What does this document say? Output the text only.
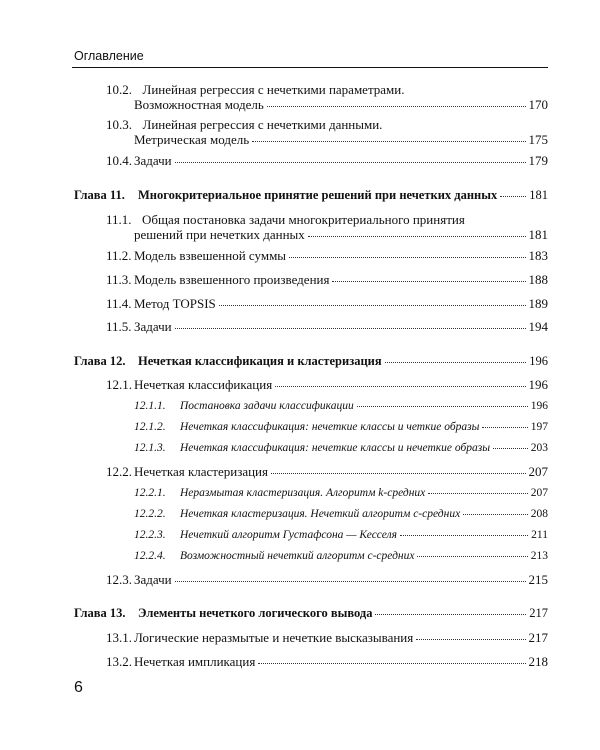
Оглавление
10.2. Линейная регрессия с нечеткими параметрами.
Возможностная модель	170
10.3. Линейная регрессия с нечеткими данными.
Метрическая модель	175
10.4. Задачи	179
Глава 11.	Многокритериальное принятие решений при нечетких данных	181
11.1. Общая постановка задачи многокритериального принятия
решений при нечетких данных	181
11.2. Модель взвешенной суммы	183
11.3. Модель взвешенного произведения	188
11.4. Метод TOPSIS	189
11.5. Задачи	194
Глава 12. Нечеткая классификация и кластеризация	196
12.1. Нечеткая классификация	196
12.1.1.	Постановка задачи классификации	196
12.1.2.	Нечеткая классификация: нечеткие классы и четкие образы	197
12.1.3.	Нечеткая классификация: нечеткие классы и нечеткие образы	203
12.2. Нечеткая кластеризация	207
12.2.1.	Неразмытая кластеризация. Алгоритм k-средних	207
12.2.2.	Нечеткая кластеризация. Нечеткий алгоритм c-средних	208
12.2.3.	Нечеткий алгоритм Густафсона — Кесселя	211
12.2.4.	Возможностный нечеткий алгоритм c-средних	213
12.3. Задачи	215
Глава 13. Элементы нечеткого логического вывода	217
13.1. Логические неразмытые и нечеткие высказывания	217
13.2. Нечеткая импликация	218
6
